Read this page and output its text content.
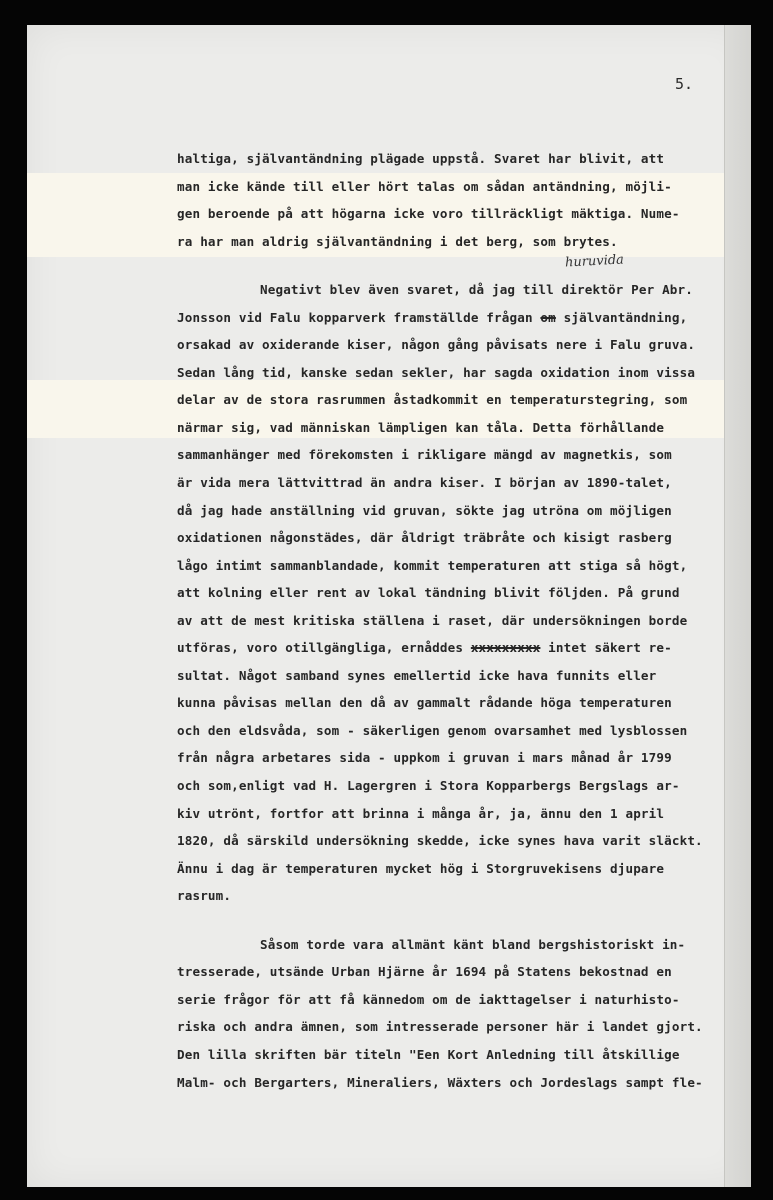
5.
huruvida
haltiga, självantändning plägade uppstå. Svaret har blivit, att
man icke kände till eller hört talas om sådan antändning, möjli-
gen beroende på att högarna icke voro tillräckligt mäktiga. Nume-
ra har man aldrig självantändning i det berg, som brytes.
Negativt blev även svaret, då jag till direktör Per Abr.
Jonsson vid Falu kopparverk framställde frågan om självantändning,
orsakad av oxiderande kiser, någon gång påvisats nere i Falu gruva.
Sedan lång tid, kanske sedan sekler, har sagda oxidation inom vissa
delar av de stora rasrummen åstadkommit en temperaturstegring, som
närmar sig, vad människan lämpligen kan tåla. Detta förhållande
sammanhänger med förekomsten i rikligare mängd av magnetkis, som
är vida mera lättvittrad än andra kiser. I början av 1890-talet,
då jag hade anställning vid gruvan, sökte jag utröna om möjligen
oxidationen någonstädes, där åldrigt träbråte och kisigt rasberg
lågo intimt sammanblandade, kommit temperaturen att stiga så högt,
att kolning eller rent av lokal tändning blivit följden. På grund
av att de mest kritiska ställena i raset, där undersökningen borde
utföras, voro otillgängliga, ernåddes xxxxxxxxx intet säkert re-
sultat. Något samband synes emellertid icke hava funnits eller
kunna påvisas mellan den då av gammalt rådande höga temperaturen
och den eldsvåda, som - säkerligen genom ovarsamhet med lysblossen
från några arbetares sida - uppkom i gruvan i mars månad år 1799
och som,enligt vad H. Lagergren i Stora Kopparbergs Bergslags ar-
kiv utrönt, fortfor att brinna i många år, ja, ännu den 1 april
1820, då särskild undersökning skedde, icke synes hava varit släckt.
Ännu i dag är temperaturen mycket hög i Storgruvekisens djupare
rasrum.
Såsom torde vara allmänt känt bland bergshistoriskt in-
tresserade, utsände Urban Hjärne år 1694 på Statens bekostnad en
serie frågor för att få kännedom om de iakttagelser i naturhisto-
riska och andra ämnen, som intresserade personer här i landet gjort.
Den lilla skriften bär titeln "Een Kort Anledning till åtskillige
Malm- och Bergarters, Mineraliers, Wäxters och Jordeslags sampt fle-
